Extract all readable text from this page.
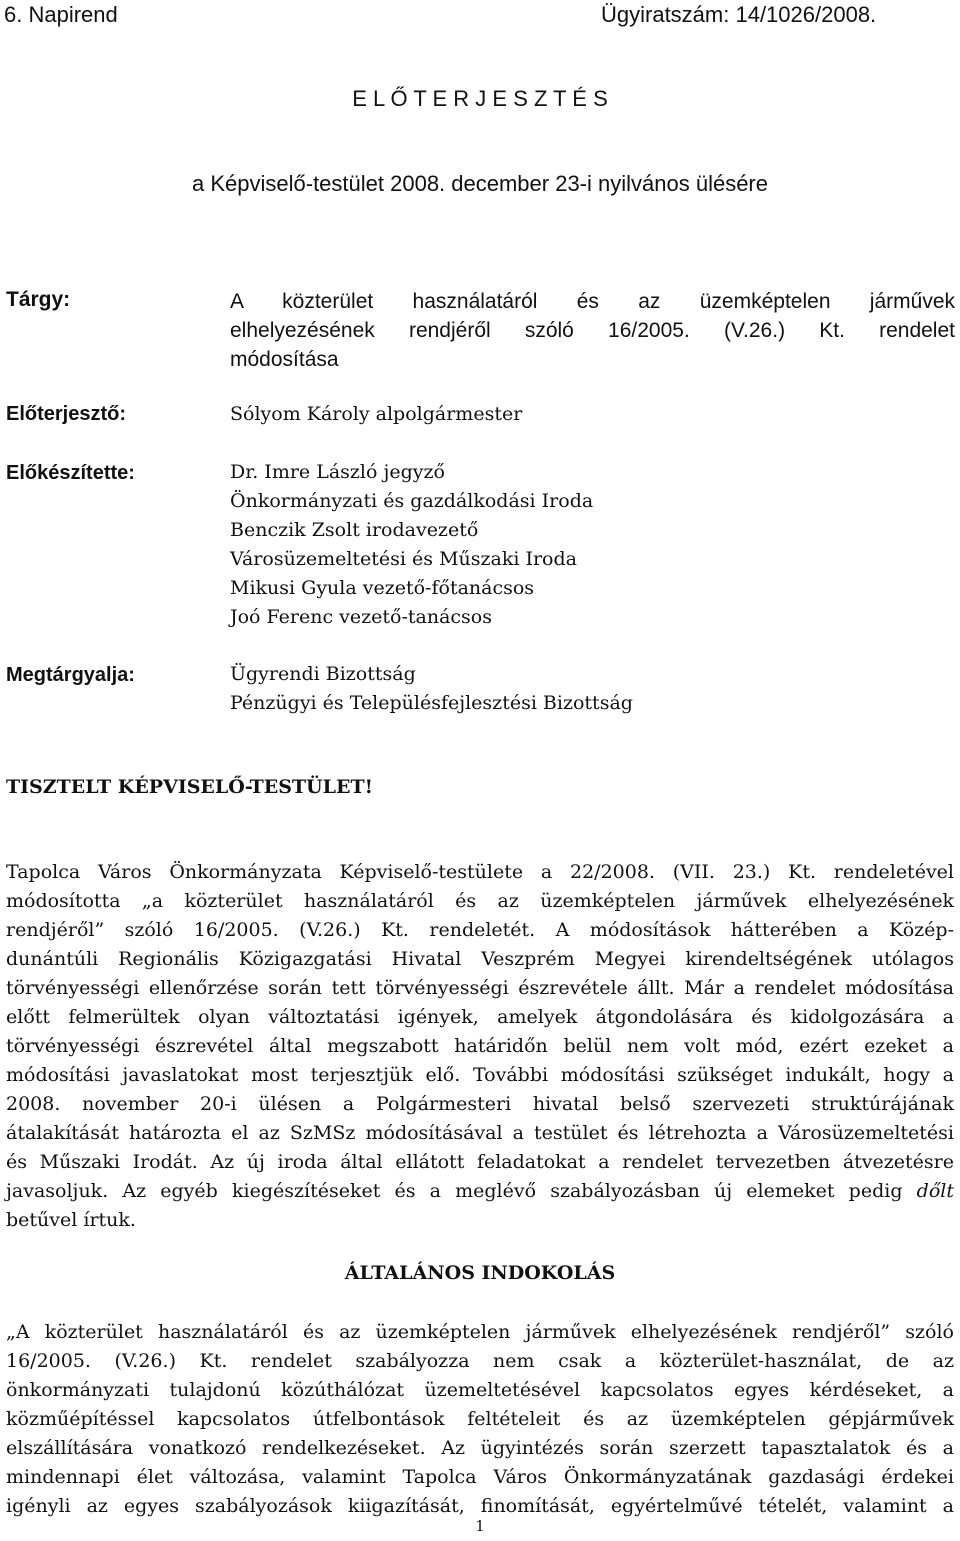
6. Napirend	Ügyiratszám: 14/1026/2008.
E L Ő T E R J E S Z T É S
a Képviselő-testület 2008. december 23-i nyilvános ülésére
Tárgy:	A közterület használatáról és az üzemképtelen járművek
elhelyezésének rendjéről szóló 16/2005. (V.26.) Kt. rendelet
módosítása
Előterjesztő:	Sólyom Károly alpolgármester
Előkészítette:	Dr. Imre László jegyző
Önkormányzati és gazdálkodási Iroda
Benczik Zsolt irodavezető
Városüzemeltetési és Műszaki Iroda
Mikusi Gyula vezető-főtanácsos
Joó Ferenc vezető-tanácsos
Megtárgyalja:	Ügyrendi Bizottság
Pénzügyi és Településfejlesztési Bizottság
TISZTELT KÉPVISELŐ-TESTÜLET!
Tapolca Város Önkormányzata Képviselő-testülete a 22/2008. (VII. 23.) Kt. rendeletével
módosította „a közterület használatáról és az üzemképtelen járművek elhelyezésének
rendjéről” szóló 16/2005. (V.26.) Kt. rendeletét. A módosítások hátterében a Közép-
dunántúli Regionális Közigazgatási Hivatal Veszprém Megyei kirendeltségének utólagos
törvényességi ellenőrzése során tett törvényességi észrevétele állt. Már a rendelet módosítása
előtt felmerültek olyan változtatási igények, amelyek átgondolására és kidolgozására a
törvényességi észrevétel által megszabott határidőn belül nem volt mód, ezért ezeket a
módosítási javaslatokat most terjesztjük elő. További módosítási szükséget indukált, hogy a
2008. november 20-i ülésen a Polgármesteri hivatal belső szervezeti struktúrájának
átalakítását határozta el az SzMSz módosításával a testület és létrehozta a Városüzemeltetési
és Műszaki Irodát. Az új iroda által ellátott feladatokat a rendelet tervezetben átvezetésre
javasoljuk. Az egyéb kiegészítéseket és a meglévő szabályozásban új elemeket pedig dőlt
betűvel írtuk.
ÁLTALÁNOS INDOKOLÁS
„A közterület használatáról és az üzemképtelen járművek elhelyezésének rendjéről” szóló
16/2005. (V.26.) Kt. rendelet szabályozza nem csak a közterület-használat, de az
önkormányzati tulajdonú közúthálózat üzemeltetésével kapcsolatos egyes kérdéseket, a
közműépítéssel kapcsolatos útfelbontások feltételeit és az üzemképtelen gépjárművek
elszállítására vonatkozó rendelkezéseket. Az ügyintézés során szerzett tapasztalatok és a
mindennapi élet változása, valamint Tapolca Város Önkormányzatának gazdasági érdekei
igényli az egyes szabályozások kiigazítását, finomítását, egyértelművé tételét, valamint a
1
